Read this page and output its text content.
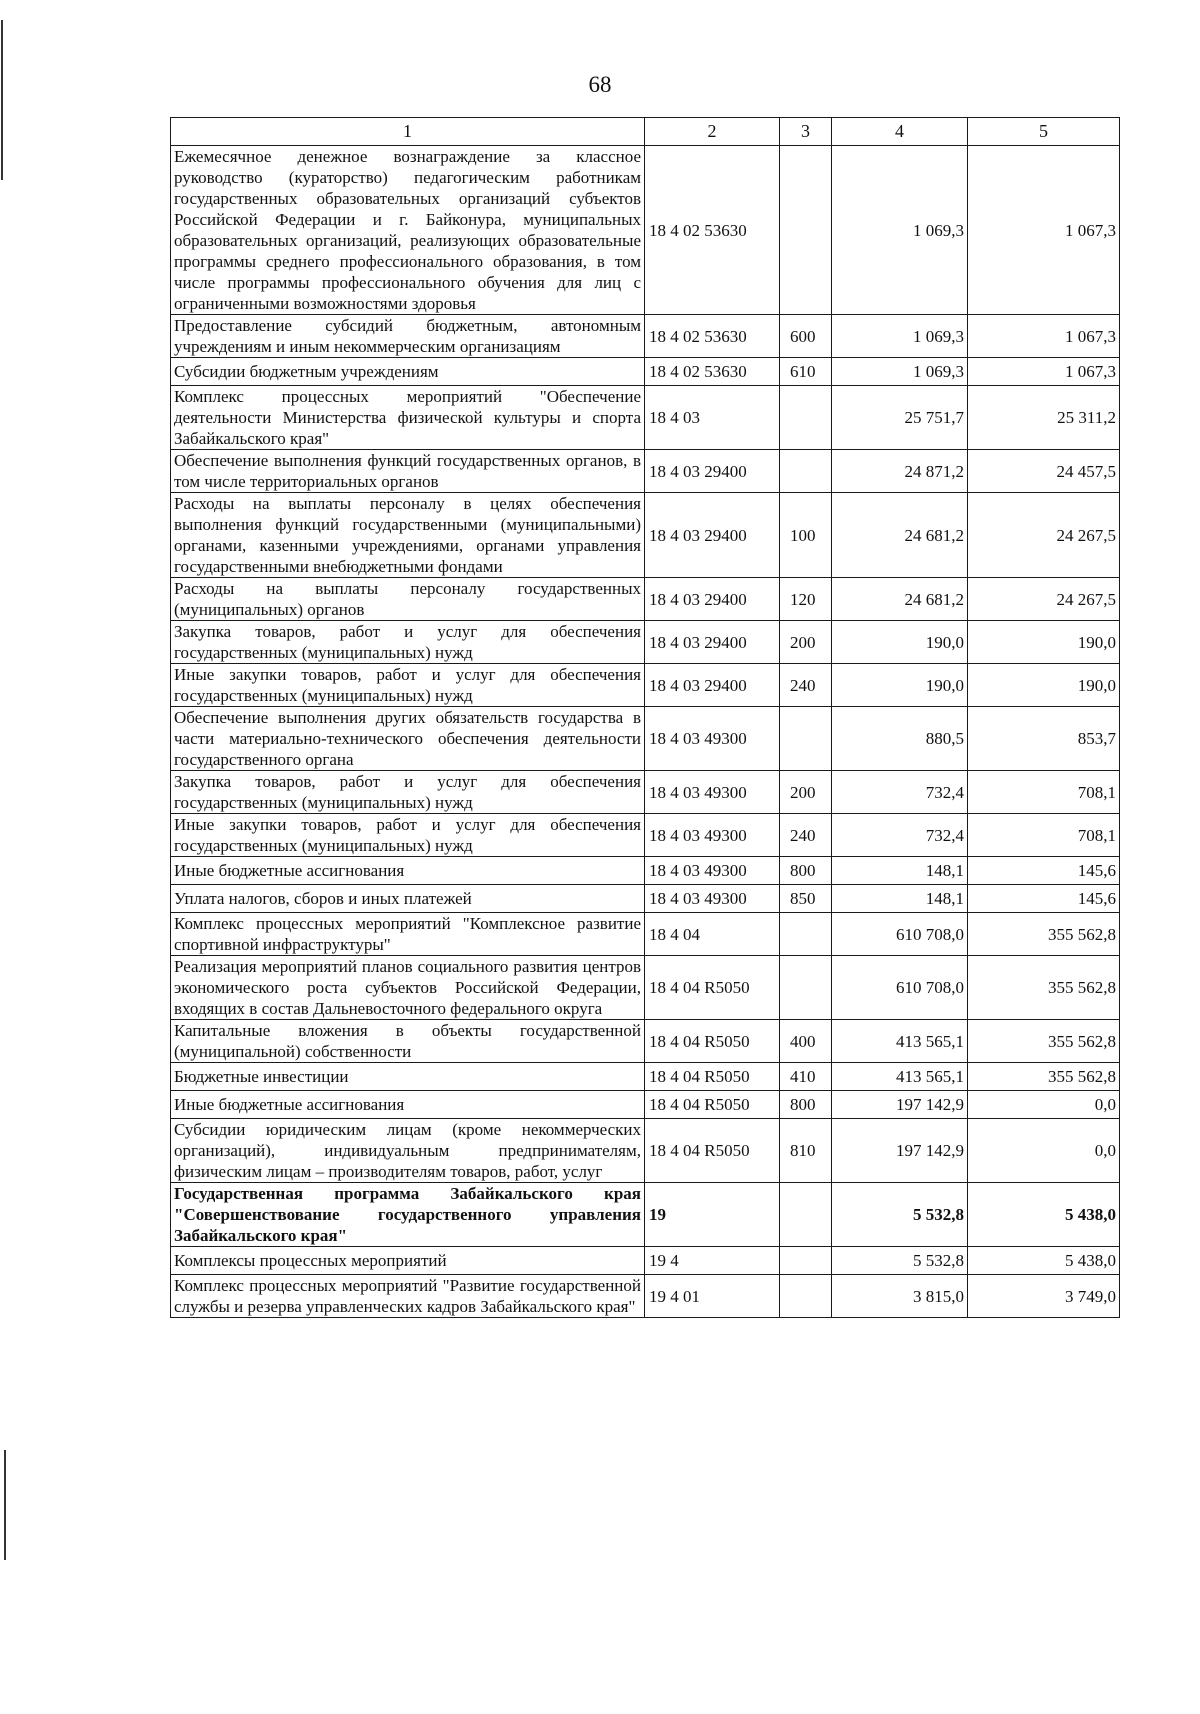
68
1	2	3	4	5
Ежемесячное денежное вознаграждение за классное руководство (кураторство) педагогическим работникам государственных образовательных организаций субъектов Российской Федерации и г. Байконура, муниципальных образовательных организаций, реализующих образовательные программы среднего профессионального образования, в том числе программы профессионального обучения для лиц с ограниченными возможностями здоровья	18 4 02 53630		1 069,3	1 067,3
Предоставление субсидий бюджетным, автономным учреждениям и иным некоммерческим организациям	18 4 02 53630	600	1 069,3	1 067,3
Субсидии бюджетным учреждениям	18 4 02 53630	610	1 069,3	1 067,3
Комплекс процессных мероприятий "Обеспечение деятельности Министерства физической культуры и спорта Забайкальского края"	18 4 03		25 751,7	25 311,2
Обеспечение выполнения функций государственных органов, в том числе территориальных органов	18 4 03 29400		24 871,2	24 457,5
Расходы на выплаты персоналу в целях обеспечения выполнения функций государственными (муниципальными) органами, казенными учреждениями, органами управления государственными внебюджетными фондами	18 4 03 29400	100	24 681,2	24 267,5
Расходы на выплаты персоналу государственных (муниципальных) органов	18 4 03 29400	120	24 681,2	24 267,5
Закупка товаров, работ и услуг для обеспечения государственных (муниципальных) нужд	18 4 03 29400	200	190,0	190,0
Иные закупки товаров, работ и услуг для обеспечения государственных (муниципальных) нужд	18 4 03 29400	240	190,0	190,0
Обеспечение выполнения других обязательств государства в части материально-технического обеспечения деятельности государственного органа	18 4 03 49300		880,5	853,7
Закупка товаров, работ и услуг для обеспечения государственных (муниципальных) нужд	18 4 03 49300	200	732,4	708,1
Иные закупки товаров, работ и услуг для обеспечения государственных (муниципальных) нужд	18 4 03 49300	240	732,4	708,1
Иные бюджетные ассигнования	18 4 03 49300	800	148,1	145,6
Уплата налогов, сборов и иных платежей	18 4 03 49300	850	148,1	145,6
Комплекс процессных мероприятий "Комплексное развитие спортивной инфраструктуры"	18 4 04		610 708,0	355 562,8
Реализация мероприятий планов социального развития центров экономического роста субъектов Российской Федерации, входящих в состав Дальневосточного федерального округа	18 4 04 R5050		610 708,0	355 562,8
Капитальные вложения в объекты государственной (муниципальной) собственности	18 4 04 R5050	400	413 565,1	355 562,8
Бюджетные инвестиции	18 4 04 R5050	410	413 565,1	355 562,8
Иные бюджетные ассигнования	18 4 04 R5050	800	197 142,9	0,0
Субсидии юридическим лицам (кроме некоммерческих организаций), индивидуальным предпринимателям, физическим лицам – производителям товаров, работ, услуг	18 4 04 R5050	810	197 142,9	0,0
Государственная программа Забайкальского края "Совершенствование государственного управления Забайкальского края"	19		5 532,8	5 438,0
Комплексы процессных мероприятий	19 4		5 532,8	5 438,0
Комплекс процессных мероприятий "Развитие государственной службы и резерва управленческих кадров Забайкальского края"	19 4 01		3 815,0	3 749,0
